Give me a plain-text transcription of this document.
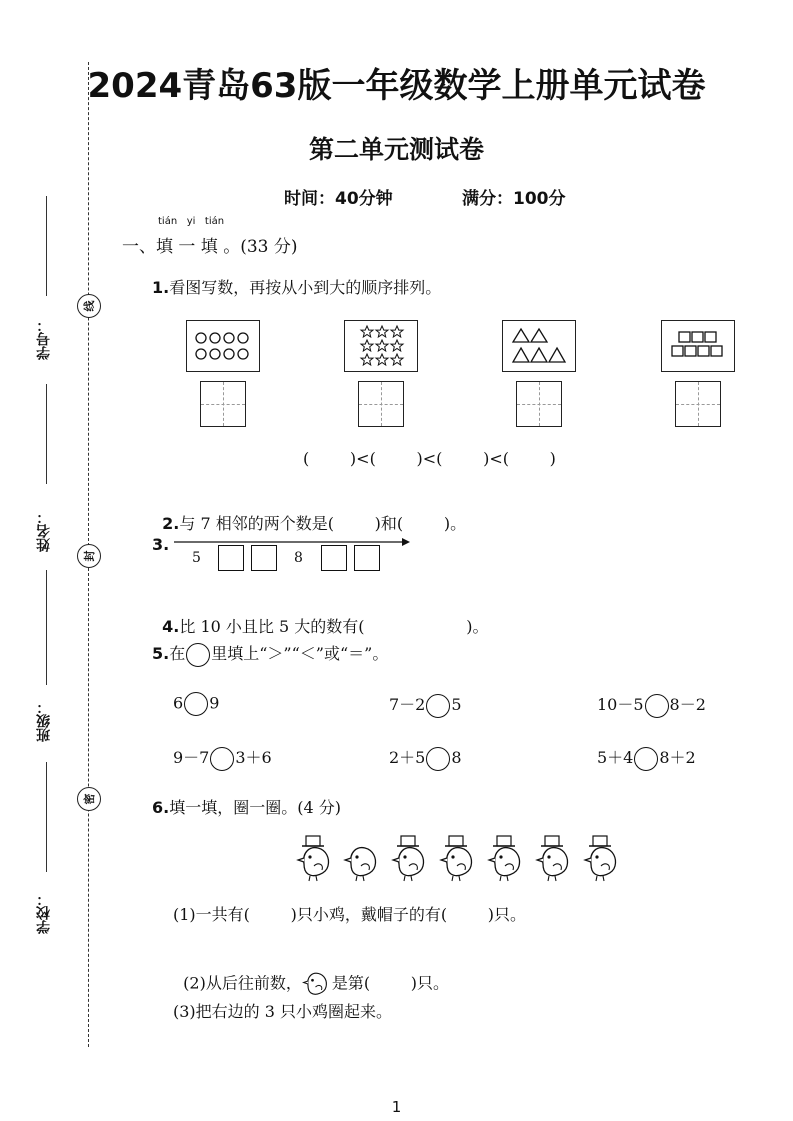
学号：
姓名：
班级：
学校：
线
封
密
2024青岛63版一年级数学上册单元试卷
第二单元测试卷
时间：40分钟	满分：100分
tián   yi   tián
一、填 一 填 。(33 分)
1.看图写数，再按从小到大的顺序排列。
(        )<(        )<(        )<(        )

2.与 7 相邻的两个数是(        )和(        )。

3.
5	8

4.比 10 小且比 5 大的数有(                    )。

5.在 里填上“＞”“＜”或“＝”。
6 9	7－2 5	10－5 8－2
9－7 3＋6	2＋5 8	5＋4 8＋2
6.填一填，圈一圈。(4 分)
(1)一共有(        )只小鸡，戴帽子的有(        )只。

(2)从后往前数， 是第(        )只。

(3)把右边的 3 只小鸡圈起来。
1
